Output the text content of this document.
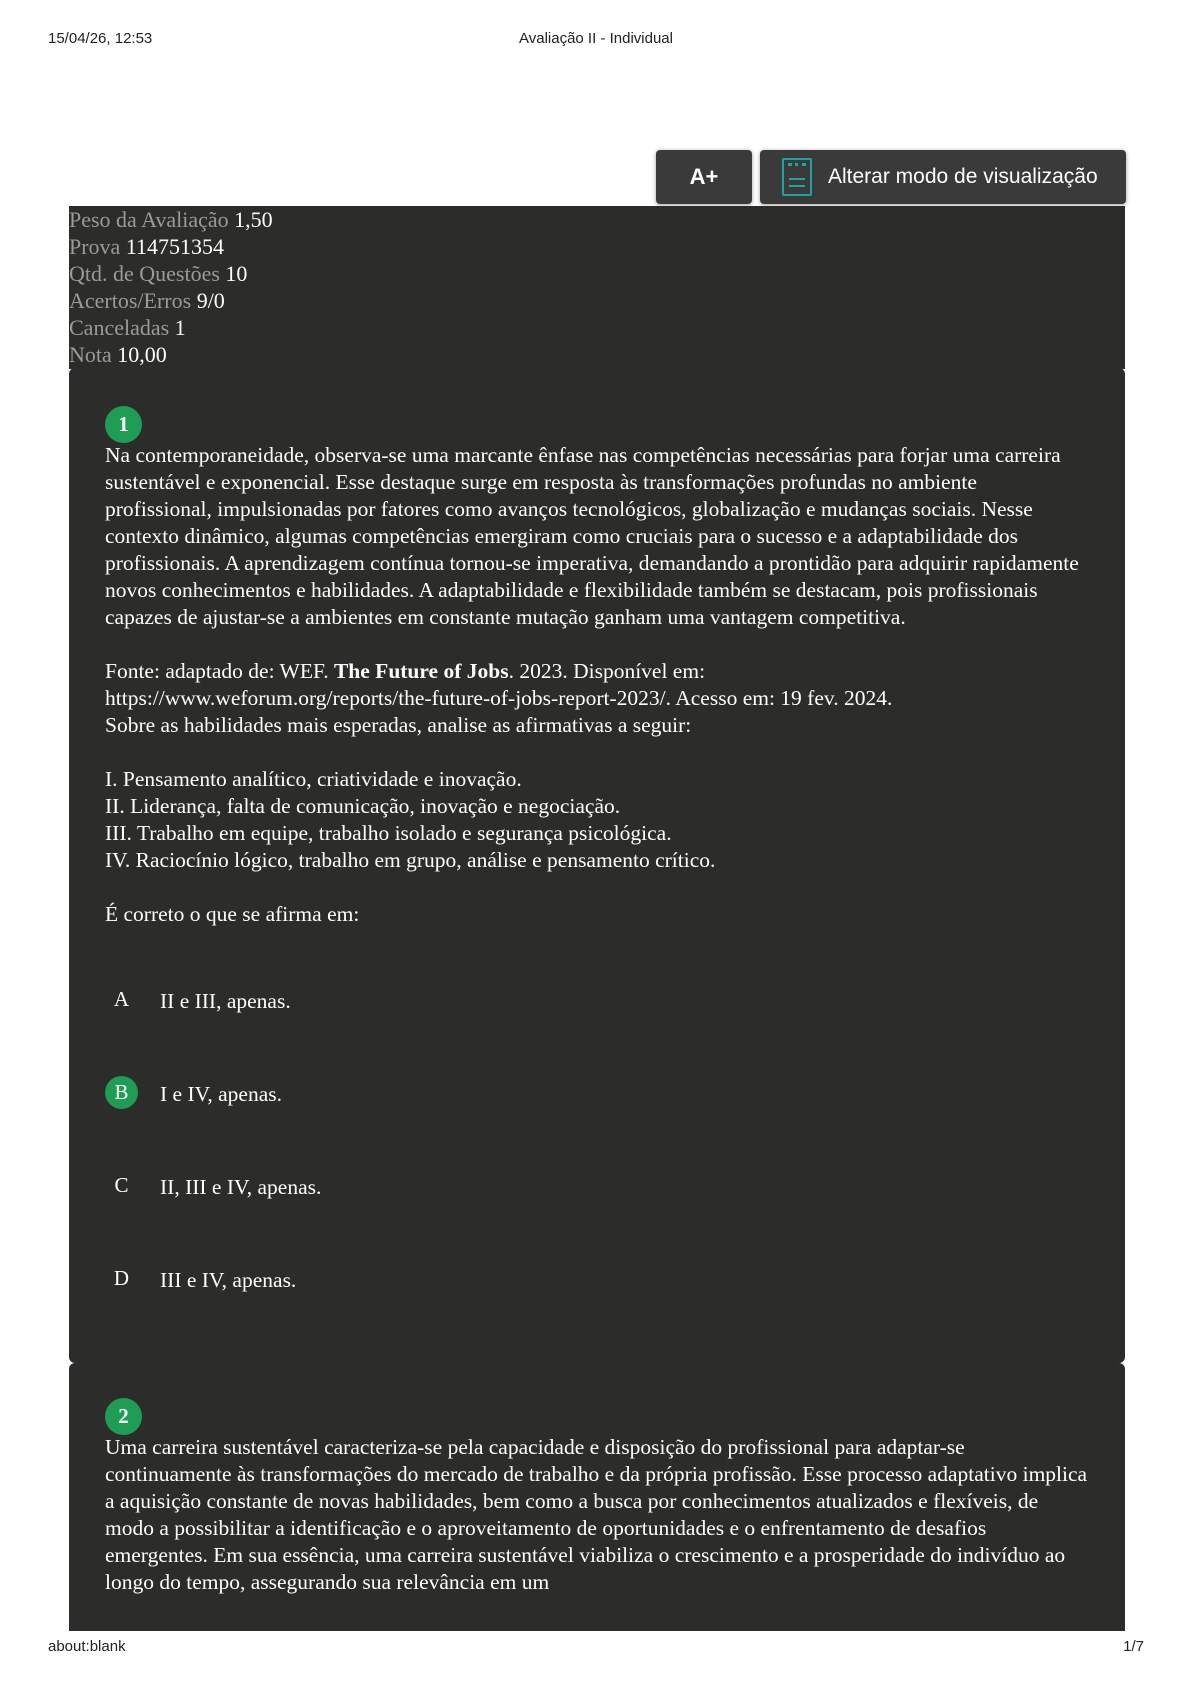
15/04/26, 12:53	Avaliação II - Individual
A+	Alterar modo de visualização
Peso da Avaliação 1,50
Prova 114751354
Qtd. de Questões 10
Acertos/Erros 9/0
Canceladas 1
Nota 10,00
1

Na contemporaneidade, observa-se uma marcante ênfase nas competências necessárias para forjar uma carreira sustentável e exponencial. Esse destaque surge em resposta às transformações profundas no ambiente profissional, impulsionadas por fatores como avanços tecnológicos, globalização e mudanças sociais. Nesse contexto dinâmico, algumas competências emergiram como cruciais para o sucesso e a adaptabilidade dos profissionais. A aprendizagem contínua tornou-se imperativa, demandando a prontidão para adquirir rapidamente novos conhecimentos e habilidades. A adaptabilidade e flexibilidade também se destacam, pois profissionais capazes de ajustar-se a ambientes em constante mutação ganham uma vantagem competitiva.

Fonte: adaptado de: WEF. The Future of Jobs. 2023. Disponível em:

https://www.weforum.org/reports/the-future-of-jobs-report-2023/. Acesso em: 19 fev. 2024.

Sobre as habilidades mais esperadas, analise as afirmativas a seguir:

I. Pensamento analítico, criatividade e inovação.

II. Liderança, falta de comunicação, inovação e negociação.

III. Trabalho em equipe, trabalho isolado e segurança psicológica.

IV. Raciocínio lógico, trabalho em grupo, análise e pensamento crítico.

É correto o que se afirma em:

A	II e III, apenas.
B	I e IV, apenas.
C	II, III e IV, apenas.
D	III e IV, apenas.
2

Uma carreira sustentável caracteriza-se pela capacidade e disposição do profissional para adaptar-se continuamente às transformações do mercado de trabalho e da própria profissão. Esse processo adaptativo implica a aquisição constante de novas habilidades, bem como a busca por conhecimentos atualizados e flexíveis, de modo a possibilitar a identificação e o aproveitamento de oportunidades e o enfrentamento de desafios emergentes. Em sua essência, uma carreira sustentável viabiliza o crescimento e a prosperidade do indivíduo ao longo do tempo, assegurando sua relevância em um

about:blank	1/7
